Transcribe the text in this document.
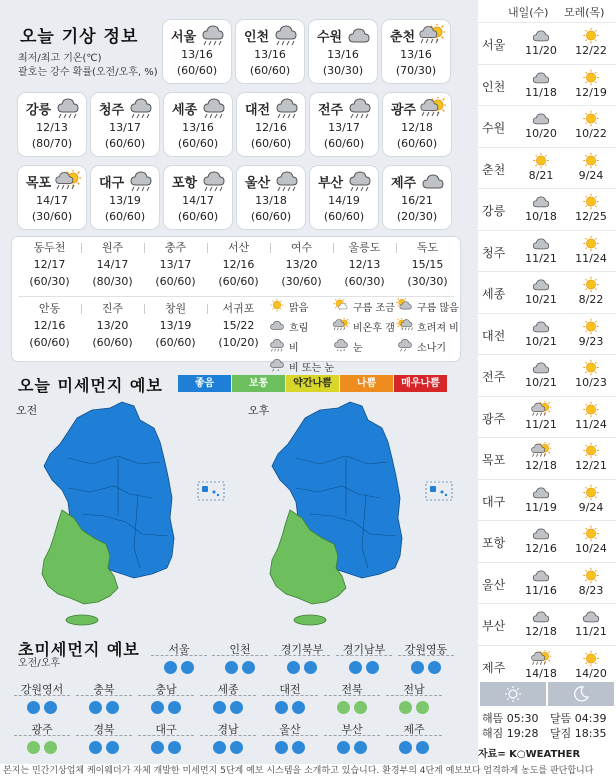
오늘 기상 정보
최저/최고 기온(℃)
괄호는 강수 확률(오전/오후, %)
서울
13/16
(60/60)
인천
13/16
(60/60)
수원
13/16
(30/30)
춘천
13/16
(70/30)
강릉
12/13
(80/70)
청주
13/17
(60/60)
세종
13/16
(60/60)
대전
12/16
(60/60)
전주
13/17
(60/60)
광주
12/18
(60/60)
목포
14/17
(30/60)
대구
13/19
(60/60)
포항
14/17
(60/60)
울산
13/18
(60/60)
부산
14/19
(60/60)
제주
16/21
(20/30)
동두천
12/17
(60/30)
원주
14/17
(80/30)
충주
13/17
(60/60)
서산
12/16
(60/60)
여수
13/20
(30/60)
울릉도
12/13
(60/30)
독도
15/15
(30/30)
안동
12/16
(60/60)
진주
13/20
(60/60)
창원
13/19
(60/60)
서귀포
15/22
(10/20)
맑음	구름 조금 구름 많음
흐림	비온후 갬 흐려져 비
비	눈	소나기
비 또는 눈
오늘 미세먼지 예보	좋음	보통	약간나쁨	나쁨	매우나쁨
오전	오후
초미세먼지 예보
오전/오후
서울	인천	경기북부	경기남부	강원영동
강원영서	충북	충남	세종	대전	전북	전남
광주	경북	대구	경남	울산	부산	제주
내일(수) 모레(목)
서울	11/20	12/22
인천	11/18	12/19
수원	10/20	10/22
춘천	8/21	9/24
강릉	10/18	12/25
청주	11/21	11/24
세종	10/21	8/22
대전	10/21	9/23
전주	10/21	10/23
광주	11/21	11/24
목포	12/18	12/21
대구	11/19	9/24
포항	12/16	10/24
울산	11/16	8/23
부산	12/18	11/21
제주	14/18	14/20
해뜸 05:30
해짐 19:28
달뜸 04:39
달짐 18:35
자료= K○WEATHER
본지는 민간기상업체 케이웨더가 자체 개발한 미세먼지 5단계 예보 시스템을 소개하고 있습니다. 환경부의 4단계 예보보다 엄격하게 농도를 판단합니다
